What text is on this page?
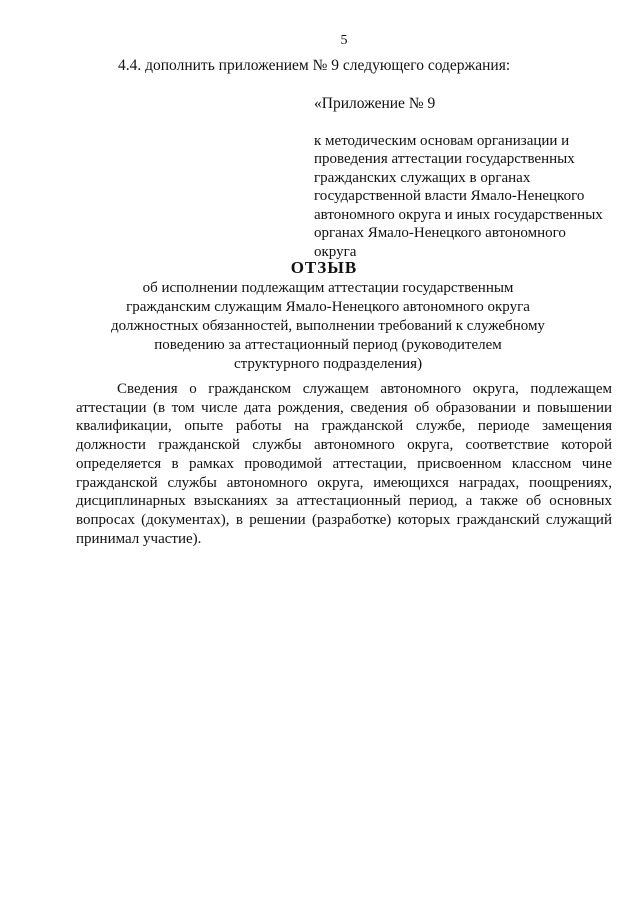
5
4.4. дополнить приложением № 9 следующего содержания:
«Приложение № 9
к методическим основам организации и
проведения аттестации государственных
гражданских служащих в органах
государственной власти Ямало-Ненецкого
автономного округа и иных государственных
органах Ямало-Ненецкого автономного
округа
ОТЗЫВ
об исполнении подлежащим аттестации государственным
гражданским служащим Ямало-Ненецкого автономного округа
должностных обязанностей, выполнении требований к служебному
поведению за аттестационный период (руководителем
структурного подразделения)
Сведения о гражданском служащем автономного округа, подлежащем
аттестации (в том числе дата рождения, сведения об образовании и повышении
квалификации, опыте работы на гражданской службе, периоде замещения
должности гражданской службы автономного округа, соответствие которой
определяется в рамках проводимой аттестации, присвоенном классном чине
гражданской службы автономного округа, имеющихся наградах, поощрениях,
дисциплинарных взысканиях за аттестационный период, а также об основных
вопросах (документах), в решении (разработке) которых гражданский служащий
принимал участие).
